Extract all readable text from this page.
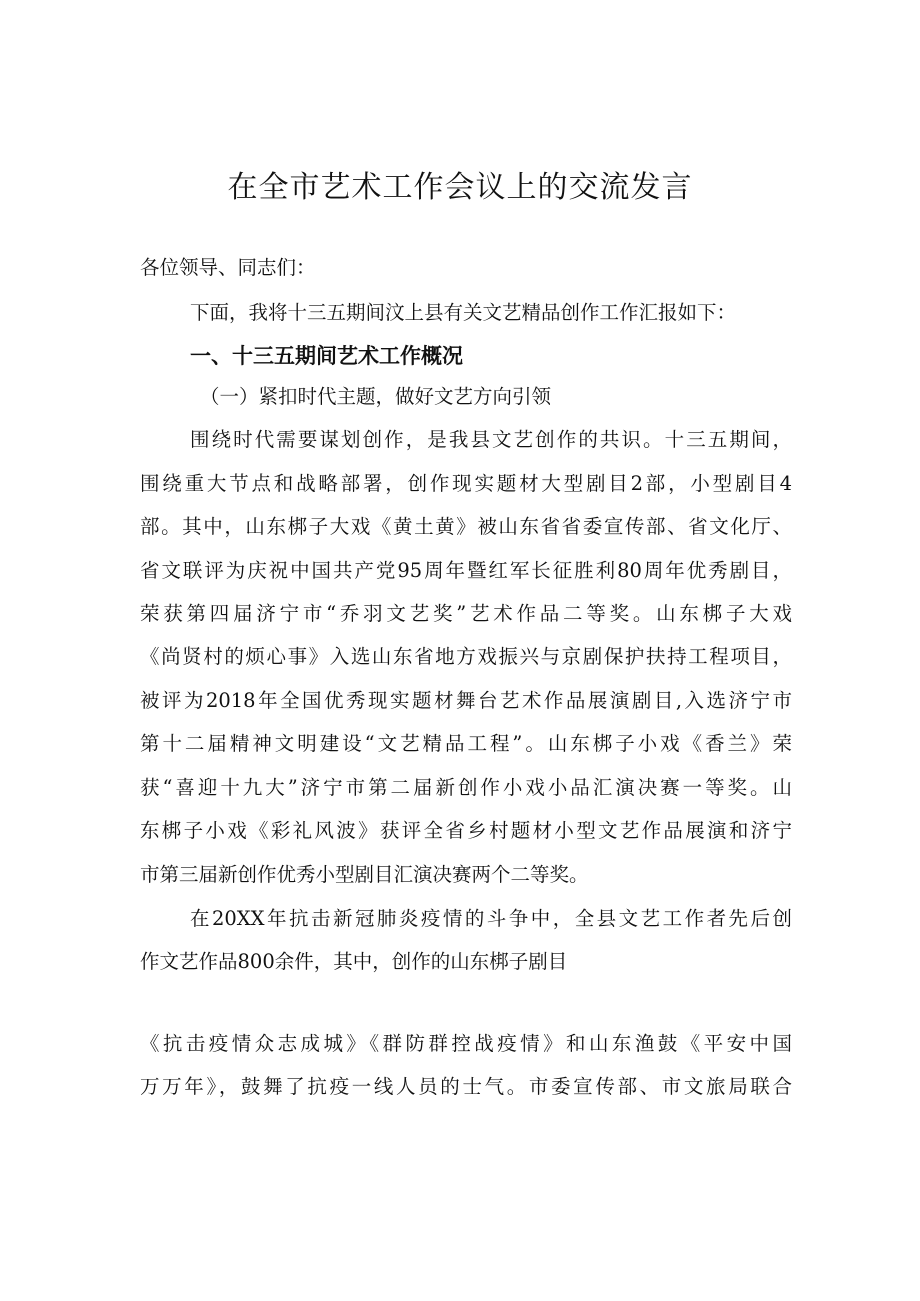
在全市艺术工作会议上的交流发言
各位领导、同志们：
下面，我将十三五期间汶上县有关文艺精品创作工作汇报如下：
一、十三五期间艺术工作概况
（一）紧扣时代主题，做好文艺方向引领
围绕时代需要谋划创作，是我县文艺创作的共识。十三五期间，
围绕重大节点和战略部署，创作现实题材大型剧目2部，小型剧目4
部。其中，山东梆子大戏《黄土黄》被山东省省委宣传部、省文化厅、
省文联评为庆祝中国共产党95周年暨红军长征胜利80周年优秀剧目，
荣获第四届济宁市“乔羽文艺奖”艺术作品二等奖。山东梆子大戏
《尚贤村的烦心事》入选山东省地方戏振兴与京剧保护扶持工程项目，
被评为2018年全国优秀现实题材舞台艺术作品展演剧目,入选济宁市
第十二届精神文明建设“文艺精品工程”。山东梆子小戏《香兰》荣
获“喜迎十九大”济宁市第二届新创作小戏小品汇演决赛一等奖。山
东梆子小戏《彩礼风波》获评全省乡村题材小型文艺作品展演和济宁
市第三届新创作优秀小型剧目汇演决赛两个二等奖。
在20XX年抗击新冠肺炎疫情的斗争中，全县文艺工作者先后创
作文艺作品800余件，其中，创作的山东梆子剧目
《抗击疫情众志成城》《群防群控战疫情》和山东渔鼓《平安中国
万万年》，鼓舞了抗疫一线人员的士气。市委宣传部、市文旅局联合
